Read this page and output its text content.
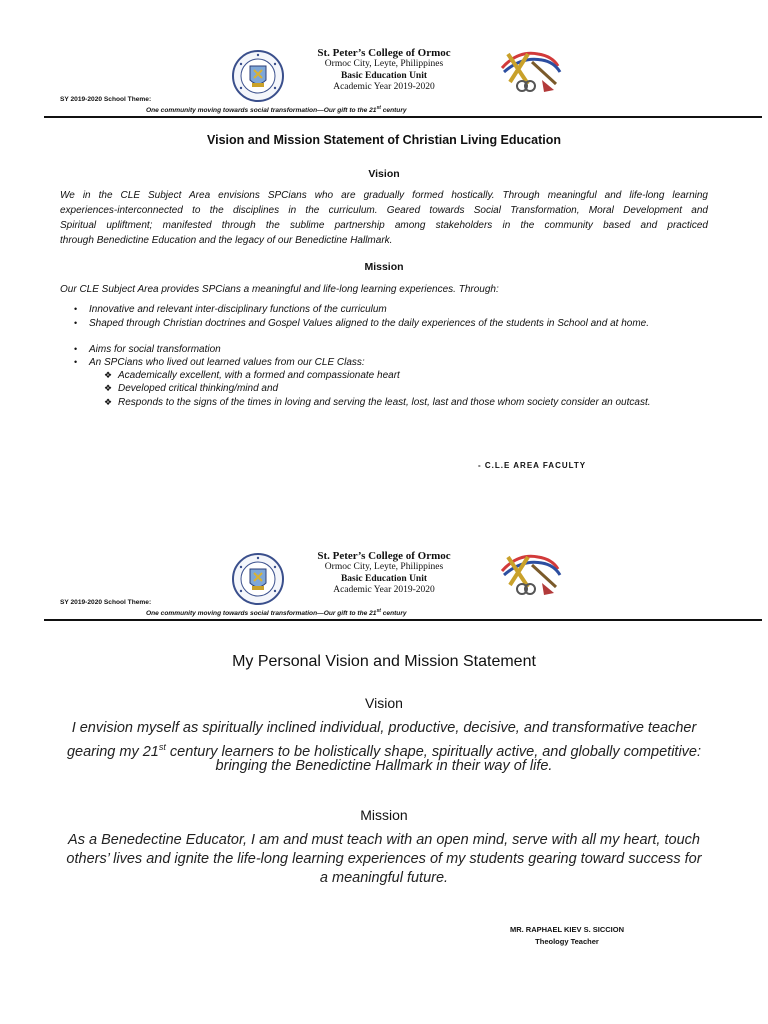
St. Peter’s College of Ormoc
Ormoc City, Leyte, Philippines
Basic Education Unit
Academic Year 2019-2020
SY 2019-2020 School Theme:
One community moving towards social transformation—Our gift to the 21st century
Vision and Mission Statement of Christian Living Education
Vision
We in the CLE Subject Area envisions SPCians who are gradually formed hostically. Through meaningful and life-long learning
experiences-interconnected to the disciplines in the curriculum. Geared towards Social Transformation, Moral Development and
Spiritual upliftment; manifested through the sublime partnership among stakeholders in the community based and practiced
through Benedictine Education and the legacy of our Benedictine Hallmark.
Mission
Our CLE Subject Area provides SPCians a meaningful and life-long learning experiences. Through:
• Innovative and relevant inter-disciplinary functions of the curriculum
• Shaped through Christian doctrines and Gospel Values aligned to the daily experiences of the students in School and at home.
• Aims for social transformation
• An SPCians who lived out learned values from our CLE Class:
❖ Academically excellent, with a formed and compassionate heart
❖ Developed critical thinking/mind and
❖ Responds to the signs of the times in loving and serving the least, lost, last and those whom society consider an outcast.
- C.L.E AREA FACULTY
St. Peter’s College of Ormoc
Ormoc City, Leyte, Philippines
Basic Education Unit
Academic Year 2019-2020
SY 2019-2020 School Theme:
One community moving towards social transformation—Our gift to the 21st century
My Personal Vision and Mission Statement
Vision
I envision myself as spiritually inclined individual, productive, decisive, and transformative teacher
gearing my 21st century learners to be holistically shape, spiritually active, and globally competitive:
bringing the Benedictine Hallmark in their way of life.
Mission
As a Benedectine Educator, I am and must teach with an open mind, serve with all my heart, touch
others’ lives and ignite the life-long learning experiences of my students gearing toward success for
a meaningful future.
MR. RAPHAEL KIEV S. SICCION
Theology Teacher
